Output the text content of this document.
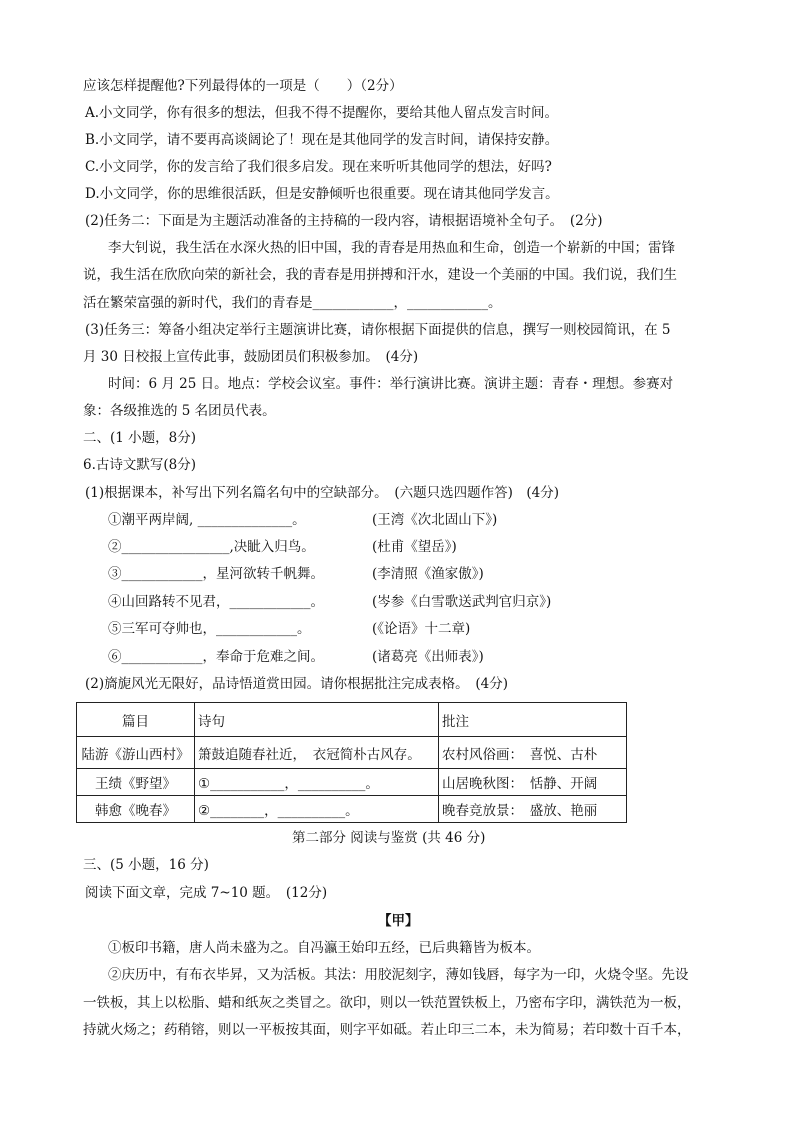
应该怎样提醒他?下列最得体的一项是（　　）（2分）
A.小文同学，你有很多的想法，但我不得不提醒你，要给其他人留点发言时间。
B.小文同学，请不要再高谈阔论了！现在是其他同学的发言时间，请保持安静。
C.小文同学，你的发言给了我们很多启发。现在来听听其他同学的想法，好吗?
D.小文同学，你的思维很活跃，但是安静倾听也很重要。现在请其他同学发言。
(2)任务二：下面是为主题活动准备的主持稿的一段内容，请根据语境补全句子。　(2分)
李大钊说，我生活在水深火热的旧中国，我的青春是用热血和生命，创造一个崭新的中国；雷锋
说，我生活在欣欣向荣的新社会，我的青春是用拼搏和汗水，建设一个美丽的中国。我们说，我们生
活在繁荣富强的新时代，我们的青春是____________，____________。
(3)任务三：筹备小组决定举行主题演讲比赛，请你根据下面提供的信息，撰写一则校园简讯，在 5
月 30 日校报上宣传此事，鼓励团员们积极参加。　(4分)
时间：6 月 25 日。地点：学校会议室。事件：举行演讲比赛。演讲主题：青春・理想。参赛对
象：各级推选的 5 名团员代表。
二、(1 小题，8分)
6.古诗文默写(8分)
(1)根据课本，补写出下列名篇名句中的空缺部分。　(六题只选四题作答)　(4分)
①潮平两岸阔, ______________。	(王湾《次北固山下》)
②________________,决眦入归鸟。	(杜甫《望岳》)
③____________，星河欲转千帆舞。	(李清照《渔家傲》)
④山回路转不见君，____________。	(岑参《白雪歌送武判官归京》)
⑤三军可夺帅也，____________。	(《论语》十二章)
⑥____________，奉命于危难之间。	(诸葛亮《出师表》)
(2)旖旎风光无限好，品诗悟道赏田园。请你根据批注完成表格。　(4分)
篇目	诗句	批注
陆游《游山西村》	箫鼓追随春社近，　衣冠简朴古风存。	农村风俗画：　喜悦、古朴
王绩《野望》	①___________，__________。	山居晚秋图：　恬静、开阔
韩愈《晚春》	②________，__________。	晚春竞放景：　盛放、艳丽
第二部分 阅读与鉴赏 (共 46 分)
三、(5 小题，16 分)
阅读下面文章，完成 7~10 题。　(12分)
【甲】
①板印书籍，唐人尚未盛为之。自冯瀛王始印五经，已后典籍皆为板本。
②庆历中，有布衣毕昇，又为活板。其法：用胶泥刻字，薄如钱唇，每字为一印，火烧令坚。先设
一铁板，其上以松脂、蜡和纸灰之类冒之。欲印，则以一铁范置铁板上，乃密布字印，满铁范为一板，
持就火炀之；药稍镕，则以一平板按其面，则字平如砥。若止印三二本，未为简易；若印数十百千本，
